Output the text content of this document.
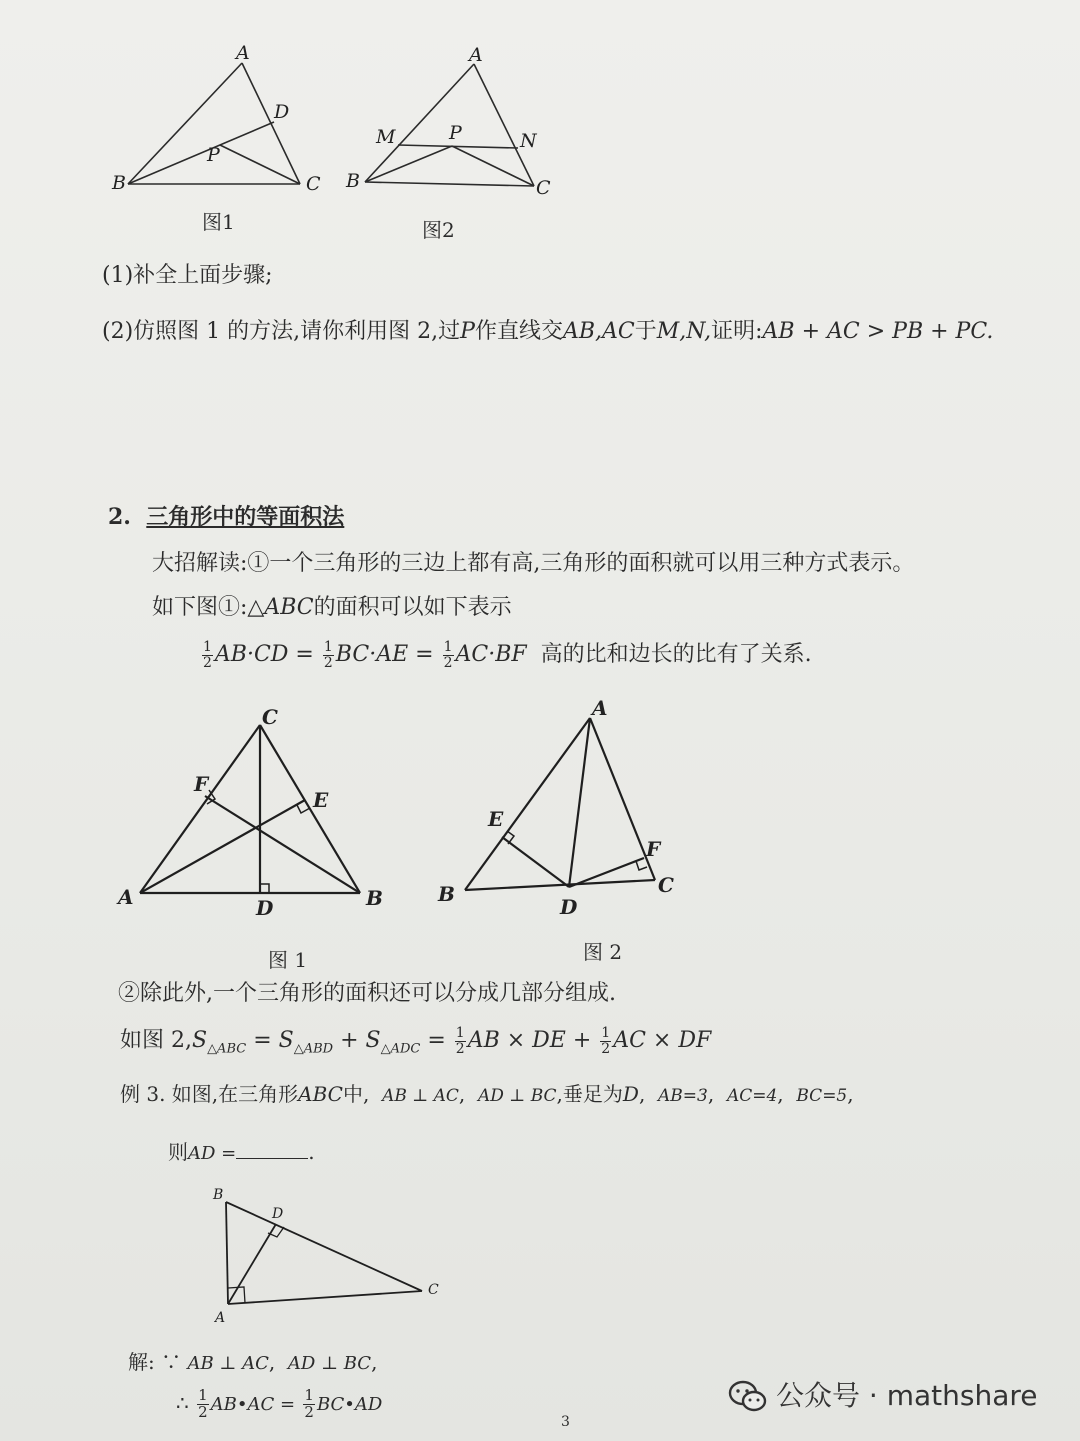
A
D
P
B	C
图1
A
M	P	N
B	C
图2
(1)补全上面步骤;
(2)仿照图 1 的方法,请你利用图 2,过P作直线交AB,AC于M,N,证明:AB + AC > PB + PC.
2. 三角形中的等面积法
大招解读:①一个三角形的三边上都有高,三角形的面积就可以用三种方式表示。
如下图①:△ABC的面积可以如下表示
$\frac{1}{2} AB\cdot CD = \frac{1}{2} BC\cdot AE = \frac{1}{2} AC\cdot BF$ 高的比和边长的比有了关系.
C
F
E
A	D	B
图 1
A
E
F
C
B
D
图 2
②除此外,一个三角形的面积还可以分成几部分组成.
如图 $2,S_{\triangle ABC} = S_{\triangle ABD} + S_{\triangle ADC} = \frac{1}{2}$ AB × DE + $\frac{1}{2}$ AC × DF
例 3. 如图,在三角形ABC中, AB ⊥ AC,  AD ⊥ BC,垂足为D,  AB=3,  AC=4,  BC=5,
则AD =	.
B
D
C
A
解: ∵ AB ⊥ AC,  AD ⊥ BC,
∴ $\frac{1}{2}$ AB•AC = $\frac{1}{2}$ BC•AD
3
公众号 · mathshare
